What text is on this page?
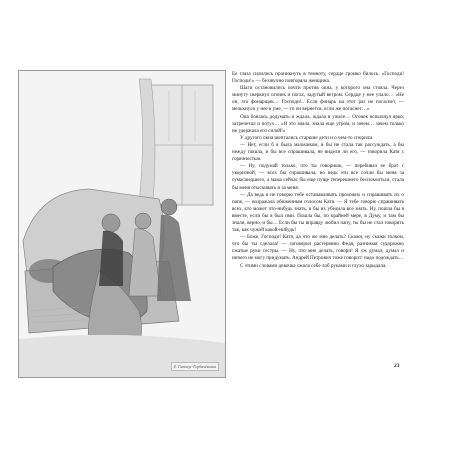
E. Гиппиус-Горбачёвская

Ее глаза силились проникнуть в темноту, сердце громко билось. «Господи! Господи!» — беззвучно повторяла женщина.

Шаги остановились почти против окна, у которого она стояла. Через минуту сверкнул огонек и погас, задутый ветром. Сердце у нее упало… «Не он, это фонарщик… Господи!.. Если фонарь на этот раз не погаснет, — мелькнуло у нее в уме, — то он вернется, если же погаснет…»

Она боялась додумать и ждала, ждала в ужасе… Огонек вспыхнул ярко, затрепетал и потух… «Я это знала, знала еще утром, и зачем… зачем только не удержала его силой!»

У другого окна шептались старшие дети и о чем-то спорили.

— Нет, если б я была мальчиком, я бы не стала так рассуждать, а бы нежду пошла, и бы все спрашивала, не видели ли его, — говорила Катя с горячностью.

— Ну, подумай только, что ты говоришь, — перебивал ее брат с укоризной, — всех бы спрашивала, но ведь эти все сочли бы меня за сумасшедшего, а мама сейчас бы еще пуще теперешнего беспокоиться, стала бы меня отыскивать и за меня.

— Да ведь я не говорю тебе останавливать прохожих и спрашивать их о папе, — возражала обиженным голосом Катя. — Я тебе говорю спрашивать всех, кто может что-нибудь знать, и бы их убедила все знать. Ну, пошла бы я вместе, если бы я был ими. Пошла бы, по крайней мере, в Думу, и там бы знали, верно, и бы… Если бы ты вправду любил папу, ты бы не стал говорить так, как чужой какой-нибудь!

— Боже, Господи! Катя, да что же мне делать? Скажи, ну скажи толком, что бы ты сделала! — заговорил растерянно Федя, разнимая судорожно сжатые руки сестры. — Ну, что мне делать, говори! Я уж думал, думал и ничего не могу придумать. Андрей Петрович тоже говорит: надо подождать…

С этими словами девочка сжала себе лоб руками и глухо зарыдала.

23
